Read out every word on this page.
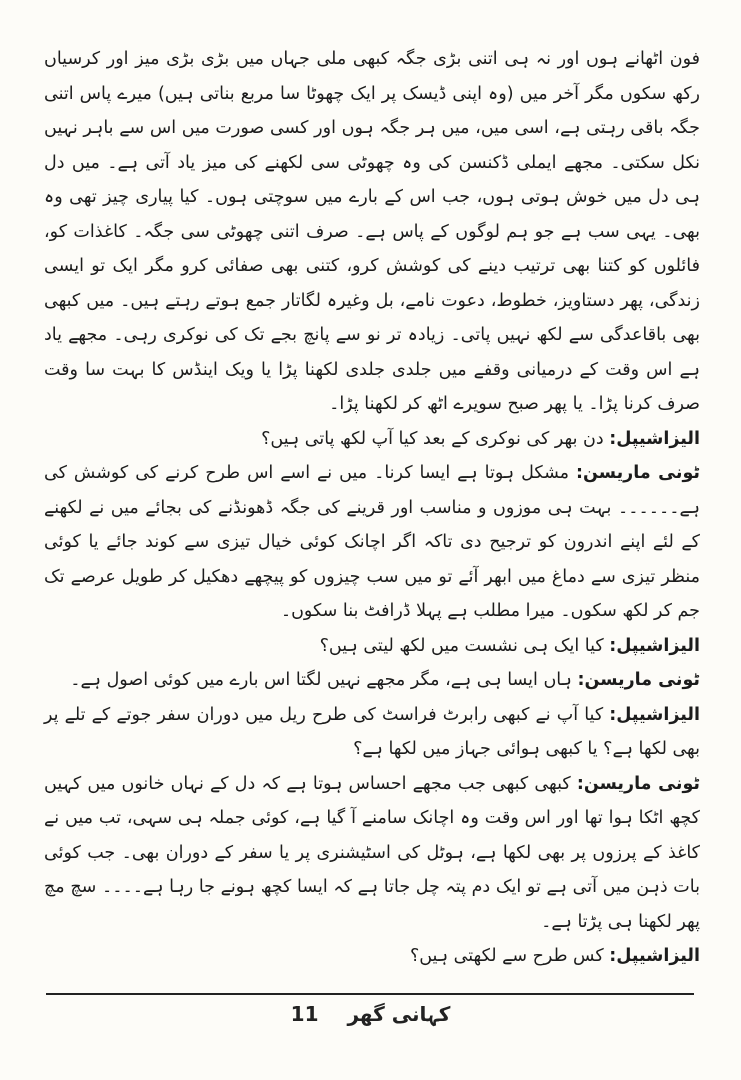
فون اٹھانے ہوں اور نہ ہی اتنی بڑی جگہ کبھی ملی جہاں میں بڑی بڑی میز اور کرسیاں رکھ سکوں مگر آخر میں (وہ اپنی ڈیسک پر ایک چھوٹا سا مربع بناتی ہیں) میرے پاس اتنی جگہ باقی رہتی ہے، اسی میں، میں ہر جگہ ہوں اور کسی صورت میں اس سے باہر نہیں نکل سکتی۔ مجھے ایملی ڈکنسن کی وہ چھوٹی سی لکھنے کی میز یاد آتی ہے۔ میں دل ہی دل میں خوش ہوتی ہوں، جب اس کے بارے میں سوچتی ہوں۔ کیا پیاری چیز تھی وہ بھی۔ یہی سب ہے جو ہم لوگوں کے پاس ہے۔ صرف اتنی چھوٹی سی جگہ۔ کاغذات کو، فائلوں کو کتنا بھی ترتیب دینے کی کوشش کرو، کتنی بھی صفائی کرو مگر ایک تو ایسی زندگی، پھر دستاویز، خطوط، دعوت نامے، بل وغیرہ لگاتار جمع ہوتے رہتے ہیں۔ میں کبھی بھی باقاعدگی سے لکھ نہیں پاتی۔ زیادہ تر نو سے پانچ بجے تک کی نوکری رہی۔ مجھے یاد ہے اس وقت کے درمیانی وقفے میں جلدی جلدی لکھنا پڑا یا ویک اینڈس کا بہت سا وقت صرف کرنا پڑا۔ یا پھر صبح سویرے اٹھ کر لکھنا پڑا۔

الیزاشیپل: دن بھر کی نوکری کے بعد کیا آپ لکھ پاتی ہیں؟

ٹونی ماریسن: مشکل ہوتا ہے ایسا کرنا۔ میں نے اسے اس طرح کرنے کی کوشش کی ہے۔۔۔۔۔۔ بہت ہی موزوں و مناسب اور قرینے کی جگہ ڈھونڈنے کی بجائے میں نے لکھنے کے لئے اپنے اندرون کو ترجیح دی تاکہ اگر اچانک کوئی خیال تیزی سے کوند جائے یا کوئی منظر تیزی سے دماغ میں ابھر آئے تو میں سب چیزوں کو پیچھے دھکیل کر طویل عرصے تک جم کر لکھ سکوں۔ میرا مطلب ہے پہلا ڈرافٹ بنا سکوں۔

الیزاشیپل: کیا ایک ہی نشست میں لکھ لیتی ہیں؟

ٹونی ماریسن: ہاں ایسا ہی ہے، مگر مجھے نہیں لگتا اس بارے میں کوئی اصول ہے۔

الیزاشیپل: کیا آپ نے کبھی رابرٹ فراسٹ کی طرح ریل میں دوران سفر جوتے کے تلے پر بھی لکھا ہے؟ یا کبھی ہوائی جہاز میں لکھا ہے؟

ٹونی ماریسن: کبھی کبھی جب مجھے احساس ہوتا ہے کہ دل کے نہاں خانوں میں کہیں کچھ اٹکا ہوا تھا اور اس وقت وہ اچانک سامنے آ گیا ہے، کوئی جملہ ہی سہی، تب میں نے کاغذ کے پرزوں پر بھی لکھا ہے، ہوٹل کی اسٹیشنری پر یا سفر کے دوران بھی۔ جب کوئی بات ذہن میں آتی ہے تو ایک دم پتہ چل جاتا ہے کہ ایسا کچھ ہونے جا رہا ہے۔۔۔۔ سچ مچ پھر لکھنا ہی پڑتا ہے۔

الیزاشیپل: کس طرح سے لکھتی ہیں؟

11 کہانی گھر
